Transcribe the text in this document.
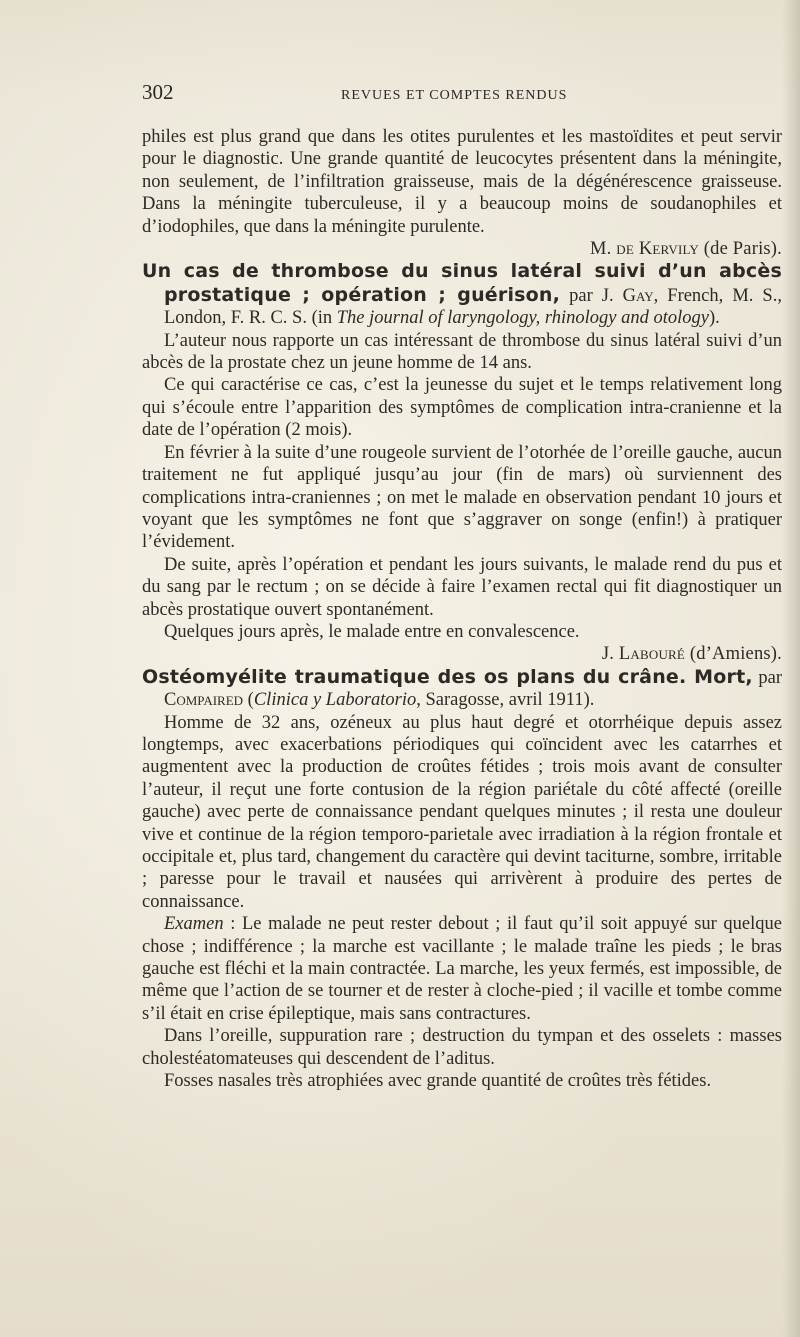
302	REVUES ET COMPTES RENDUS

philes est plus grand que dans les otites purulentes et les mastoïdites et peut servir pour le diagnostic. Une grande quantité de leucocytes présentent dans la méningite, non seulement, de l’infiltration graisseuse, mais de la dégénérescence graisseuse. Dans la méningite tuberculeuse, il y a beaucoup moins de soudanophiles et d’iodophiles, que dans la méningite purulente.

M. de Kervily (de Paris).

Un cas de thrombose du sinus latéral suivi d’un abcès prostatique ; opération ; guérison, par J. Gay, French, M. S., London, F. R. C. S. (in The journal of laryngology, rhinology and otology).

L’auteur nous rapporte un cas intéressant de thrombose du sinus latéral suivi d’un abcès de la prostate chez un jeune homme de 14 ans.

Ce qui caractérise ce cas, c’est la jeunesse du sujet et le temps relativement long qui s’écoule entre l’apparition des symptômes de complication intra-cranienne et la date de l’opération (2 mois).

En février à la suite d’une rougeole survient de l’otorhée de l’oreille gauche, aucun traitement ne fut appliqué jusqu’au jour (fin de mars) où surviennent des complications intra-craniennes ; on met le malade en observation pendant 10 jours et voyant que les symptômes ne font que s’aggraver on songe (enfin!) à pratiquer l’évidement.

De suite, après l’opération et pendant les jours suivants, le malade rend du pus et du sang par le rectum ; on se décide à faire l’examen rectal qui fit diagnostiquer un abcès prostatique ouvert spontanément.

Quelques jours après, le malade entre en convalescence.

J. Labouré (d’Amiens).

Ostéomyélite traumatique des os plans du crâne. Mort, par Compaired (Clinica y Laboratorio, Saragosse, avril 1911).

Homme de 32 ans, ozéneux au plus haut degré et otorrhéique depuis assez longtemps, avec exacerbations périodiques qui coïncident avec les catarrhes et augmentent avec la production de croûtes fétides ; trois mois avant de consulter l’auteur, il reçut une forte contusion de la région pariétale du côté affecté (oreille gauche) avec perte de connaissance pendant quelques minutes ; il resta une douleur vive et continue de la région temporo-parietale avec irradiation à la région frontale et occipitale et, plus tard, changement du caractère qui devint taciturne, sombre, irritable ; paresse pour le travail et nausées qui arrivèrent à produire des pertes de connaissance.

Examen : Le malade ne peut rester debout ; il faut qu’il soit appuyé sur quelque chose ; indifférence ; la marche est vacillante ; le malade traîne les pieds ; le bras gauche est fléchi et la main contractée. La marche, les yeux fermés, est impossible, de même que l’action de se tourner et de rester à cloche-pied ; il vacille et tombe comme s’il était en crise épileptique, mais sans contractures.

Dans l’oreille, suppuration rare ; destruction du tympan et des osselets : masses cholestéatomateuses qui descendent de l’aditus.

Fosses nasales très atrophiées avec grande quantité de croûtes très fétides.
